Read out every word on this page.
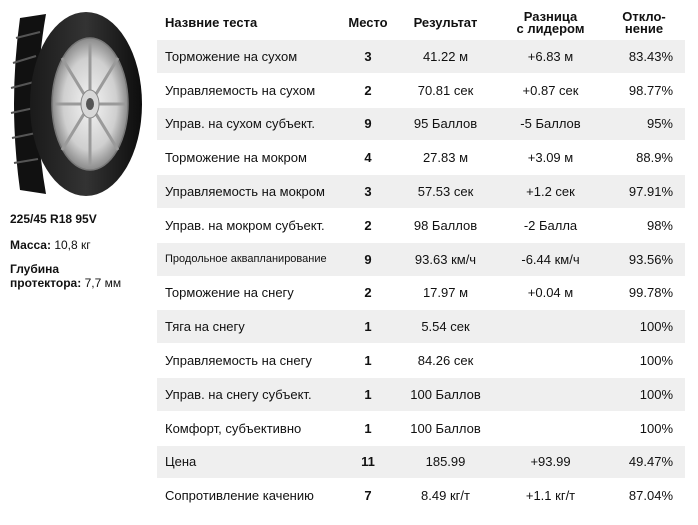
225/45 R18 95V
Масса: 10,8 кг
Глубина
протектора: 7,7 мм
Назвние теста	Место	Результат	Разница
с лидером	Откло-
нение
Торможение на сухом	3	41.22 м	+6.83 м	83.43%
Управляемость на сухом	2	70.81 сек	+0.87 сек	98.77%
Управ. на сухом субъект.	9	95 Баллов	-5 Баллов	95%
Торможение на мокром	4	27.83 м	+3.09 м	88.9%
Управляемость на мокром	3	57.53 сек	+1.2 сек	97.91%
Управ. на мокром субъект.	2	98 Баллов	-2 Балла	98%
Продольное аквапланирование	9	93.63 км/ч	-6.44 км/ч	93.56%
Торможение на снегу	2	17.97 м	+0.04 м	99.78%
Тяга на снегу	1	5.54 сек		100%
Управляемость на снегу	1	84.26 сек		100%
Управ. на снегу субъект.	1	100 Баллов		100%
Комфорт, субъективно	1	100 Баллов		100%
Цена	11	185.99	+93.99	49.47%
Сопротивление качению	7	8.49 кг/т	+1.1 кг/т	87.04%
